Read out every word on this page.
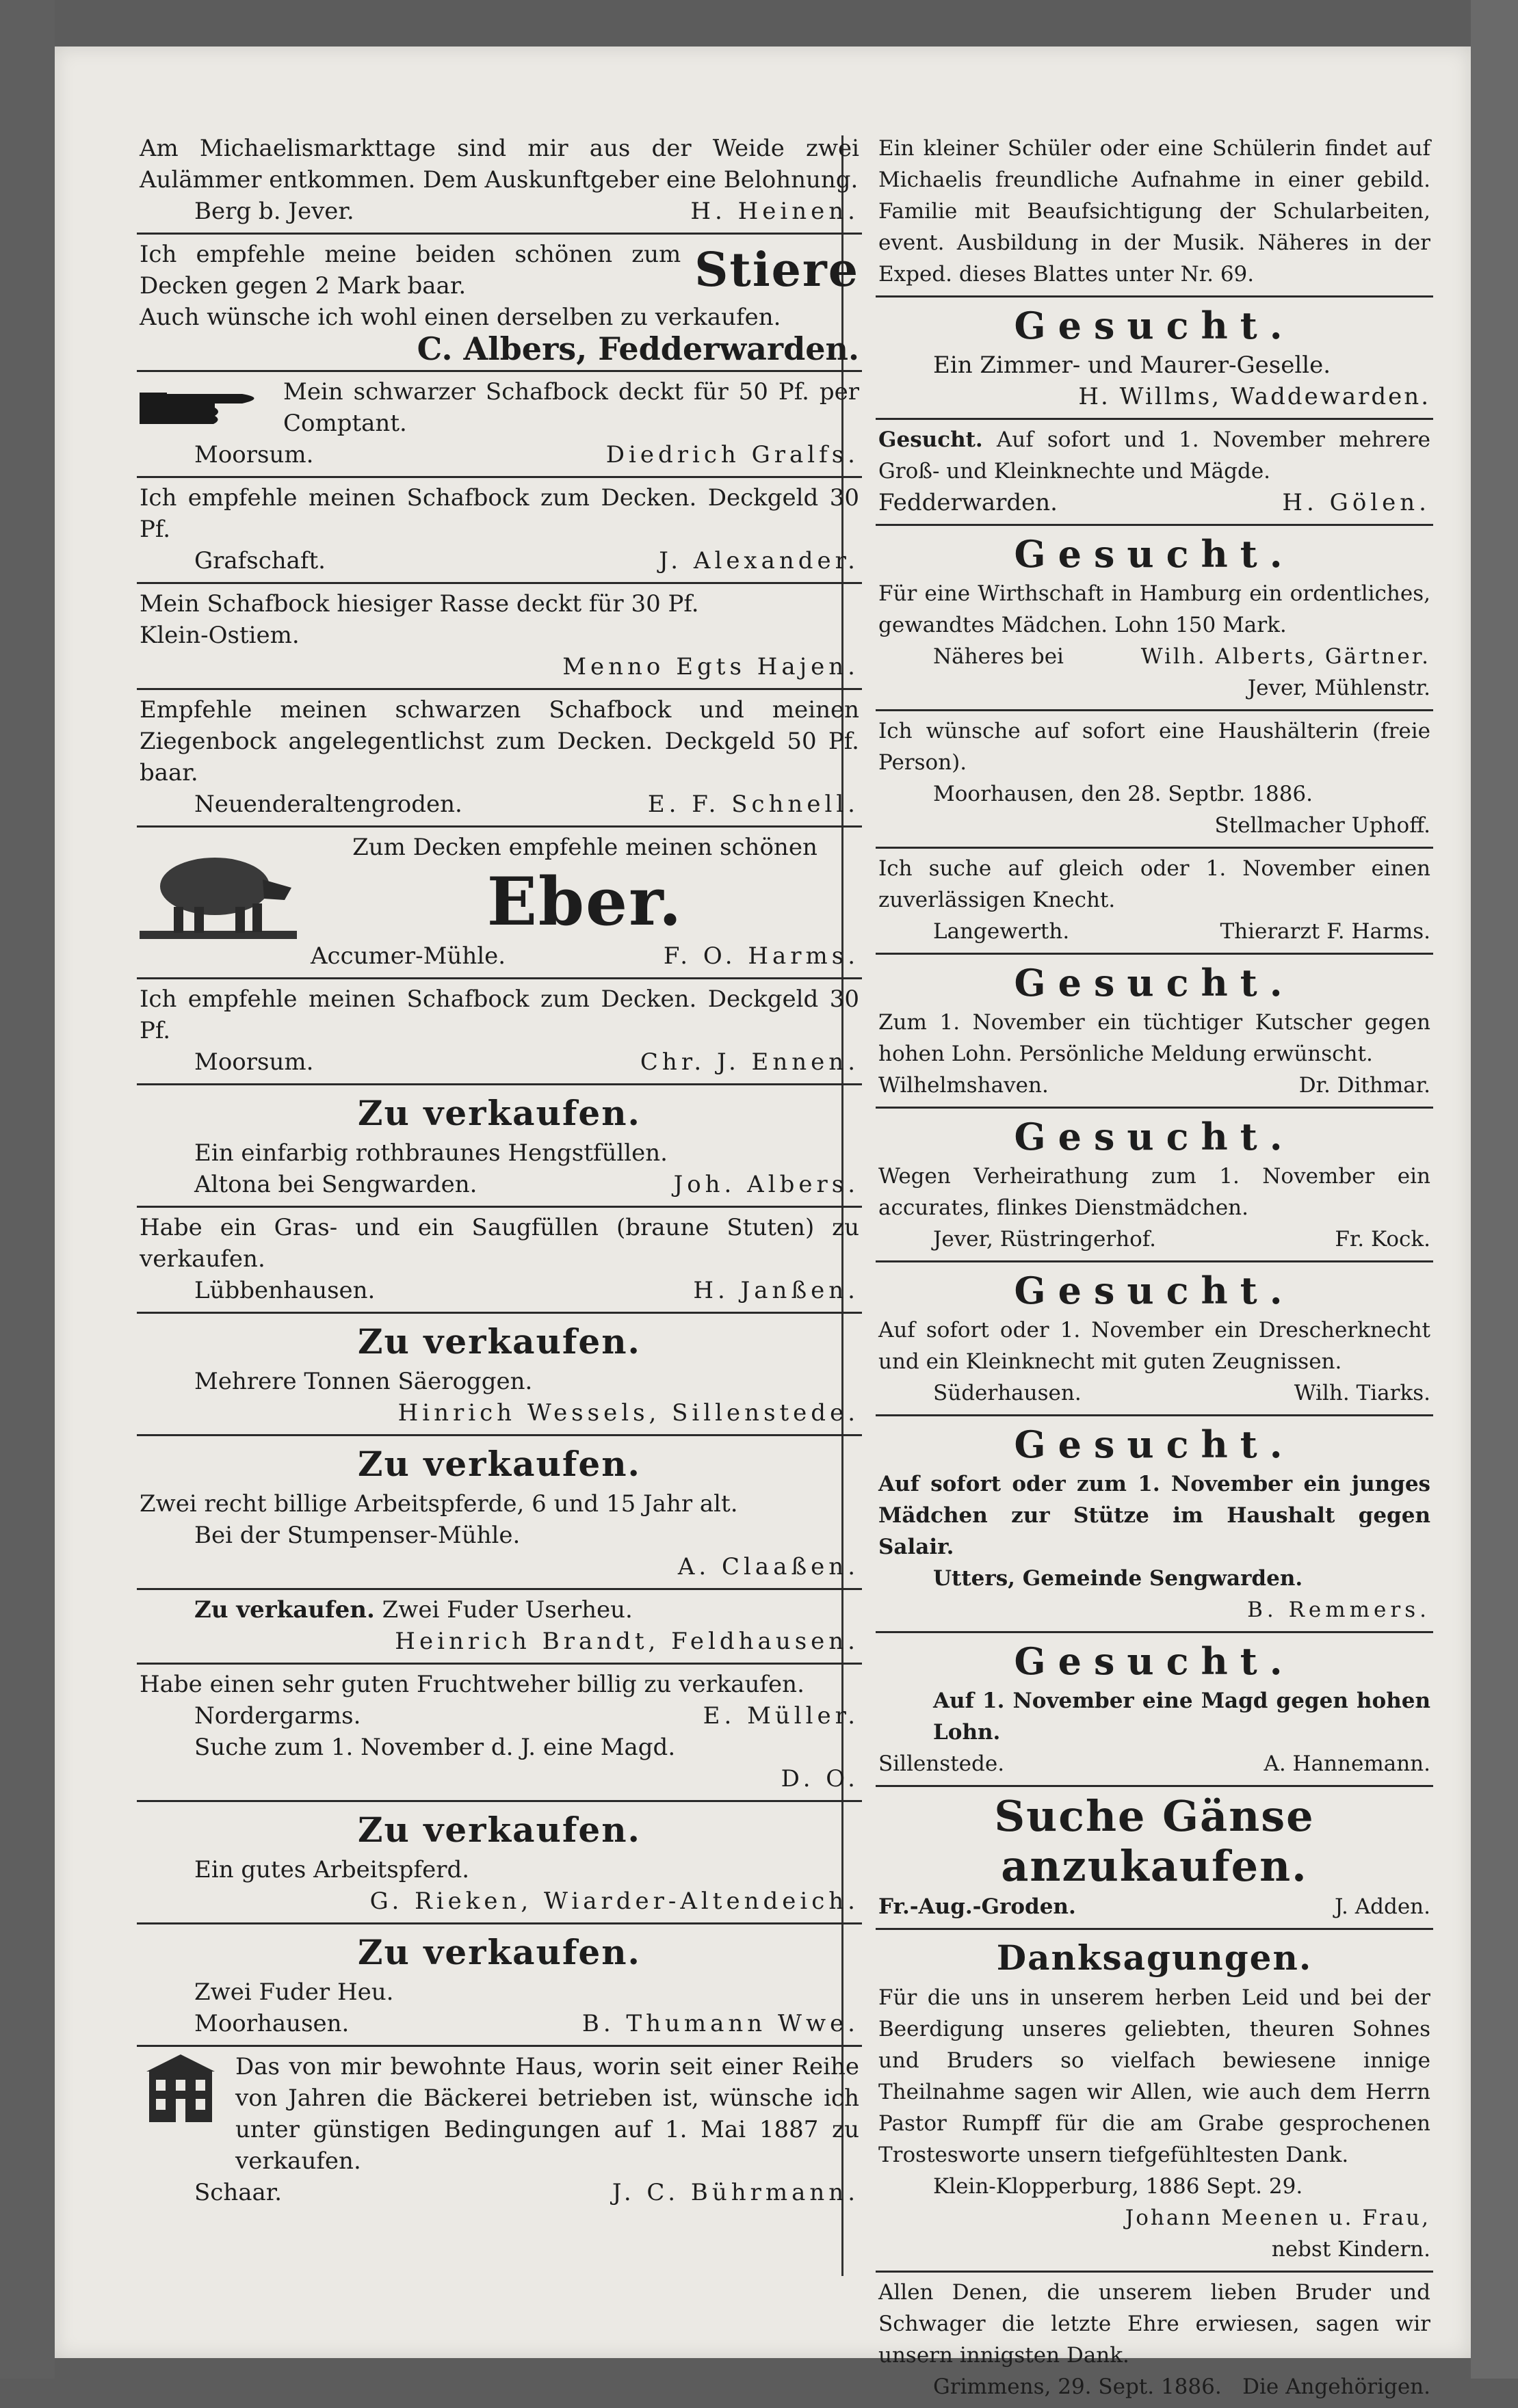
Am Michaelismarkttage sind mir aus der Weide zwei Aulämmer entkommen. Dem Auskunftgeber eine Belohnung.

Berg b. Jever.	H. Heinen.

Ich empfehle meine beiden schönen zum Decken gegen 2 Mark baar.	Stiere

Auch wünsche ich wohl einen derselben zu verkaufen.

C. Albers, Fedderwarden.

Mein schwarzer Schafbock deckt für 50 Pf. per Comptant.

Moorsum.	Diedrich Gralfs.

Ich empfehle meinen Schafbock zum Decken. Deckgeld 30 Pf.

Grafschaft.	J. Alexander.

Mein Schafbock hiesiger Rasse deckt für 30 Pf.

Klein-Ostiem.

Menno Egts Hajen.

Empfehle meinen schwarzen Schafbock und meinen Ziegenbock angelegentlichst zum Decken. Deckgeld 50 Pf. baar.

Neuenderaltengroden.	E. F. Schnell.

Zum Decken empfehle meinen schönen

Eber.
Accumer-Mühle.	F. O. Harms.

Ich empfehle meinen Schafbock zum Decken. Deckgeld 30 Pf.

Moorsum.	Chr. J. Ennen.
Zu verkaufen.

Ein einfarbig rothbraunes Hengstfüllen.

Altona bei Sengwarden.	Joh. Albers.

Habe ein Gras- und ein Saugfüllen (braune Stuten) zu verkaufen.

Lübbenhausen.	H. Janßen.
Zu verkaufen.

Mehrere Tonnen Säeroggen.

Hinrich Wessels, Sillenstede.
Zu verkaufen.

Zwei recht billige Arbeitspferde, 6 und 15 Jahr alt.

Bei der Stumpenser-Mühle.

A. Claaßen.

Zu verkaufen. Zwei Fuder Userheu.

Heinrich Brandt, Feldhausen.

Habe einen sehr guten Fruchtweher billig zu verkaufen.

Nordergarms.	E. Müller.

Suche zum 1. November d. J. eine Magd.

D. O.
Zu verkaufen.

Ein gutes Arbeitspferd.

G. Rieken, Wiarder-Altendeich.
Zu verkaufen.

Zwei Fuder Heu.

Moorhausen.	B. Thumann Wwe.

Das von mir bewohnte Haus, worin seit einer Reihe von Jahren die Bäckerei betrieben ist, wünsche ich unter günstigen Bedingungen auf 1. Mai 1887 zu verkaufen.

Schaar.	J. C. Bührmann.

Ein kleiner Schüler oder eine Schülerin findet auf Michaelis freundliche Aufnahme in einer gebild. Familie mit Beaufsichtigung der Schularbeiten, event. Ausbildung in der Musik. Näheres in der Exped. dieses Blattes unter Nr. 69.

Gesucht.

Ein Zimmer- und Maurer-Geselle.

H. Willms, Waddewarden.

Gesucht. Auf sofort und 1. November mehrere Groß- und Kleinknechte und Mägde.

Fedderwarden.	H. Gölen.
Gesucht.

Für eine Wirthschaft in Hamburg ein ordentliches, gewandtes Mädchen. Lohn 150 Mark.

Näheres bei	Wilh. Alberts, Gärtner.
Jever, Mühlenstr.

Ich wünsche auf sofort eine Haushälterin (freie Person).

Moorhausen, den 28. Septbr. 1886.

Stellmacher Uphoff.

Ich suche auf gleich oder 1. November einen zuverlässigen Knecht.

Langewerth.	Thierarzt F. Harms.
Gesucht.

Zum 1. November ein tüchtiger Kutscher gegen hohen Lohn. Persönliche Meldung erwünscht.

Wilhelmshaven.	Dr. Dithmar.
Gesucht.

Wegen Verheirathung zum 1. November ein accurates, flinkes Dienstmädchen.

Jever, Rüstringerhof.	Fr. Kock.
Gesucht.

Auf sofort oder 1. November ein Drescherknecht und ein Kleinknecht mit guten Zeugnissen.

Süderhausen.	Wilh. Tiarks.
Gesucht.

Auf sofort oder zum 1. November ein junges Mädchen zur Stütze im Haushalt gegen Salair.

Utters, Gemeinde Sengwarden.

B. Remmers.
Gesucht.

Auf 1. November eine Magd gegen hohen Lohn.

Sillenstede.	A. Hannemann.
Suche Gänse anzukaufen.
Fr.-Aug.-Groden.	J. Adden.
Danksagungen.

Für die uns in unserem herben Leid und bei der Beerdigung unseres geliebten, theuren Sohnes und Bruders so vielfach bewiesene innige Theilnahme sagen wir Allen, wie auch dem Herrn Pastor Rumpff für die am Grabe gesprochenen Trostesworte unsern tiefgefühltesten Dank.

Klein-Klopperburg, 1886 Sept. 29.

Johann Meenen u. Frau,
nebst Kindern.

Allen Denen, die unserem lieben Bruder und Schwager die letzte Ehre erwiesen, sagen wir unsern innigsten Dank.

Grimmens, 29. Sept. 1886. Die Angehörigen.
